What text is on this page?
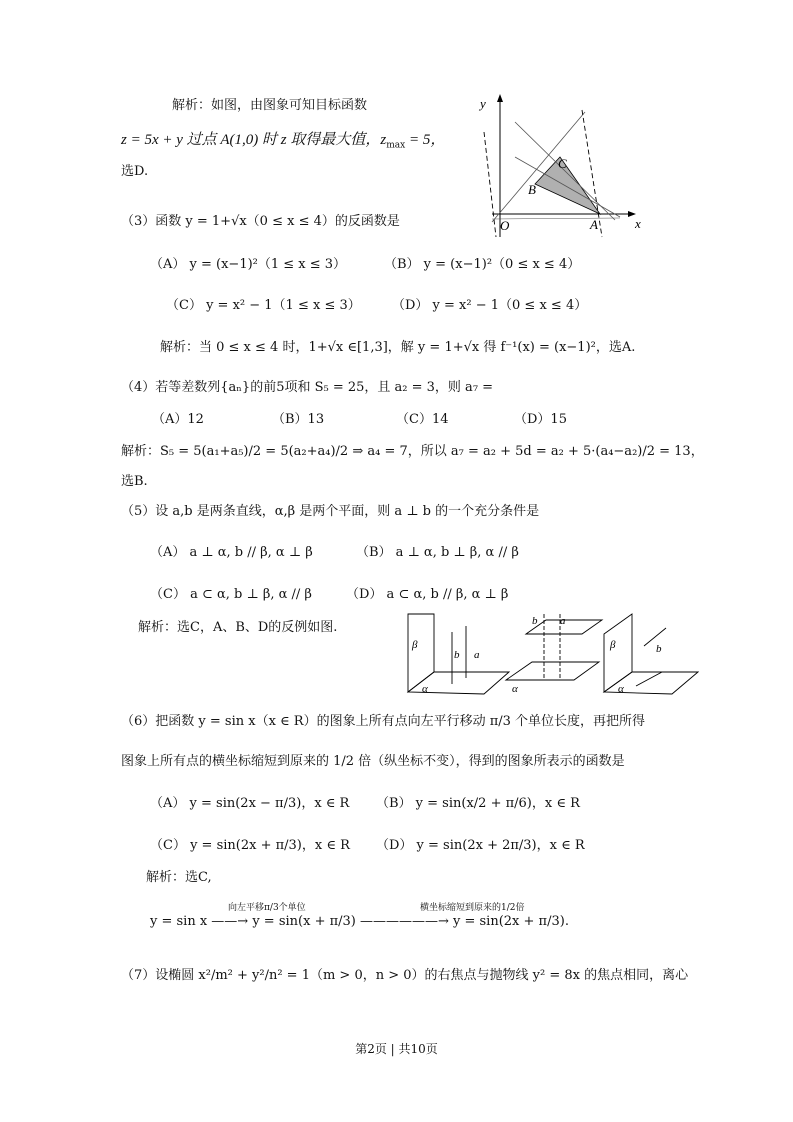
解析：如图，由图象可知目标函数
z = 5x + y 过点 A(1,0) 时 z 取得最大值，$z_{max} = 5$，
选D.
（3）函数 y = 1+√x（0 ≤ x ≤ 4）的反函数是
（A） y = (x−1)²（1 ≤ x ≤ 3）	（B） y = (x−1)²（0 ≤ x ≤ 4）
（C） y = x² − 1（1 ≤ x ≤ 3） （D） y = x² − 1（0 ≤ x ≤ 4）
解析：当 0 ≤ x ≤ 4 时，1+√x ∈[1,3]，解 y = 1+√x 得 f⁻¹(x) = (x−1)²，选A.
（4）若等差数列{aₙ}的前5项和 S₅ = 25，且 a₂ = 3，则 a₇ =
（A）12	（B）13	（C）14	（D）15
解析：S₅ = 5(a₁+a₅)/2 = 5(a₂+a₄)/2 ⇒ a₄ = 7，所以 a₇ = a₂ + 5d = a₂ + 5·(a₄−a₂)/2 = 13，
选B.
（5）设 a,b 是两条直线，α,β 是两个平面，则 a ⊥ b 的一个充分条件是
（A） a ⊥ α, b // β, α ⊥ β	（B） a ⊥ α, b ⊥ β, α // β
（C） a ⊂ α, b ⊥ β, α // β	（D） a ⊂ α, b // β, α ⊥ β
解析：选C，A、B、D的反例如图.
（6）把函数 y = sin x（x ∈ R）的图象上所有点向左平行移动 π/3 个单位长度，再把所得
图象上所有点的横坐标缩短到原来的 1/2 倍（纵坐标不变），得到的图象所表示的函数是
（A） y = sin(2x − π/3)，x ∈ R （B） y = sin(x/2 + π/6)，x ∈ R
（C） y = sin(2x + π/3)，x ∈ R （D） y = sin(2x + 2π/3)，x ∈ R
解析：选C,
向左平移π/3个单位	横坐标缩短到原来的1/2倍
y = sin x ——→ y = sin(x + π/3) ——————→ y = sin(2x + π/3).
（7）设椭圆 x²/m² + y²/n² = 1（m > 0，n > 0）的右焦点与抛物线 y² = 8x 的焦点相同，离心
y
x
O	A
B
C
β
b a
α
b a
α
β	b
α
第2页 | 共10页
